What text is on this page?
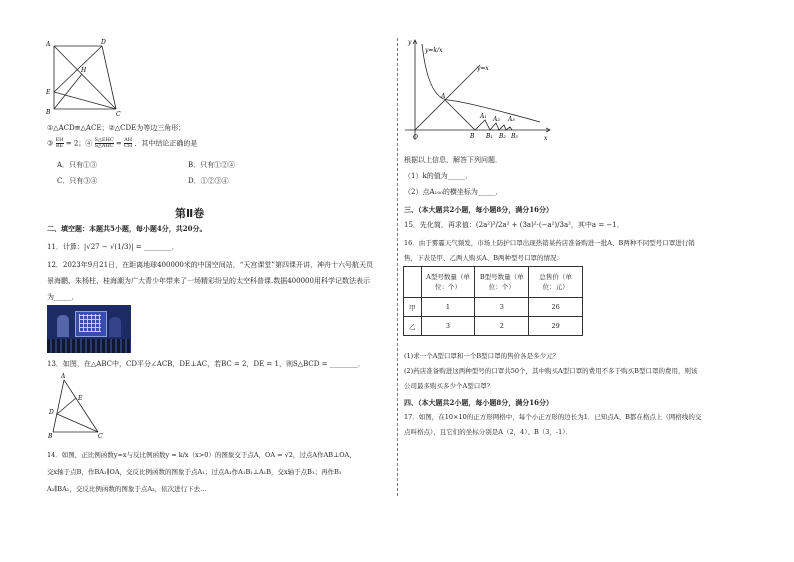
A	D
H
E
B	C
①△ACD≌△ACE；②△CDE为等边三角形；
③ $\frac{EH}{BE} = 2$；④ S△EHC
S△AHC = $\frac{AH}{CH}$ ．其中结论正确的是
A．只有①③	B．只有①②④
C．只有③④	D．①②③④
第Ⅱ卷
二、填空题：本题共5小题，每小题4分，共20分。
11．计算：|√27 − √(1/3)| = ________．
12．2023年9月21日，在距离地球400000米的中国空间站，“天宫课堂”第四课开讲，神舟十六号航天员
景海鹏、朱杨柱、桂海潮为广大青少年带来了一场精彩纷呈的太空科普课.数据400000用科学记数法表示
为_____．
13．如图，在△ABC中，CD平分∠ACB，DE⊥AC，若BC = 2，DE = 1，则S△BCD = ________．
A
E
D
B	C
14．如图，正比例函数y=x与反比例函数y = k/x（x>0）的图象交于点A，OA = √2，过点A作AB⊥OA，
交x轴于点B，作BA₁∥OA，交反比例函数的图象于点A₁；过点A₁作A₁B₁⊥A₁B，交x轴于点B₁；再作B₁
A₂∥BA₁，交反比例函数的图象于点A₂，依次进行下去…
y
x
y=k/x
y=x
O
A
A₁ A₂ A₃
B B₁ B₂ B₃
根据以上信息，解答下列问题．
（1）k的值为_____．
（2）点A₁₀₀的横坐标为_____．
三、（本大题共2小题，每小题8分，满分16分）
15．先化简，再求值：(2a²)³/2a² + (3a)²·(−a²)/3a²，其中a = −1．
16．由于雾霾天气频发，市场上防护口罩出现热销某药店准备购进一批A、B两种不同型号口罩进行销
售，下表是甲、乙两人购买A、B两种型号口罩的情况：
	A型号数量（单位：个）	B型号数量（单位：个）	总售价（单位：元）
甲	1	3	26
乙	3	2	29
(1)求一个A型口罩和一个B型口罩的售价各是多少元？
(2)药店准备购进这两种型号的口罩共50个，其中购买A型口罩的费用不多于购买B型口罩的费用，则该
公司最多购买多少个A型口罩？
四、（本大题共2小题，每小题8分，满分16分）
17．如图，在10×10的正方形网格中，每个小正方形的边长为1．已知点A、B都在格点上（网格线的交
点叫格点），且它们的坐标分别是A（2，4）、B（3，-1）．
